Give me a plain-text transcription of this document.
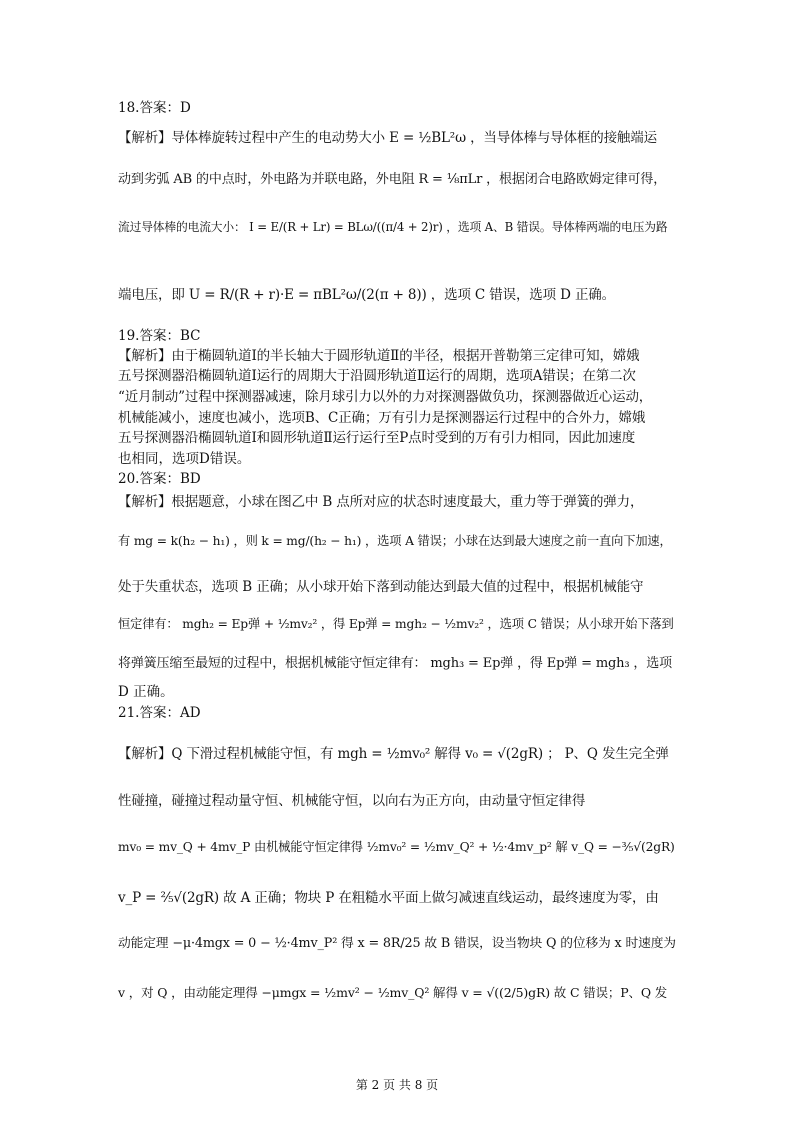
18.答案：D
【解析】导体棒旋转过程中产生的电动势大小 E = ½BL²ω ，当导体棒与导体框的接触端运
动到劣弧 AB 的中点时，外电路为并联电路，外电阻 R = ⅛πLr ，根据闭合电路欧姆定律可得，
流过导体棒的电流大小： I = E/(R + Lr) = BLω/((π/4 + 2)r) ，选项 A、B 错误。导体棒两端的电压为路
端电压，即 U = R/(R + r)·E = πBL²ω/(2(π + 8)) ，选项 C 错误，选项 D 正确。
19.答案：BC
【解析】由于椭圆轨道Ⅰ的半长轴大于圆形轨道Ⅱ的半径，根据开普勒第三定律可知，嫦娥
五号探测器沿椭圆轨道Ⅰ运行的周期大于沿圆形轨道Ⅱ运行的周期，选项A错误；在第二次
“近月制动”过程中探测器减速，除月球引力以外的力对探测器做负功，探测器做近心运动，
机械能减小，速度也减小，选项B、C正确；万有引力是探测器运行过程中的合外力，嫦娥
五号探测器沿椭圆轨道Ⅰ和圆形轨道Ⅱ运行运行至P点时受到的万有引力相同，因此加速度
也相同，选项D错误。
20.答案：BD
【解析】根据题意，小球在图乙中 B 点所对应的状态时速度最大，重力等于弹簧的弹力，
有 mg = k(h₂ − h₁) ，则 k = mg/(h₂ − h₁) ，选项 A 错误；小球在达到最大速度之前一直向下加速，
处于失重状态，选项 B 正确；从小球开始下落到动能达到最大值的过程中，根据机械能守
恒定律有： mgh₂ = Ep弹 + ½mv₂² ，得 Ep弹 = mgh₂ − ½mv₂² ，选项 C 错误；从小球开始下落到
将弹簧压缩至最短的过程中，根据机械能守恒定律有： mgh₃ = Ep弹 ，得 Ep弹 = mgh₃ ，选项
D 正确。
21.答案：AD
【解析】Q 下滑过程机械能守恒，有 mgh = ½mv₀² 解得 v₀ = √(2gR) ； P、Q 发生完全弹
性碰撞，碰撞过程动量守恒、机械能守恒，以向右为正方向，由动量守恒定律得
mv₀ = mv_Q + 4mv_P 由机械能守恒定律得 ½mv₀² = ½mv_Q² + ½·4mv_p² 解 v_Q = −⅗√(2gR)
v_P = ⅖√(2gR) 故 A 正确；物块 P 在粗糙水平面上做匀减速直线运动，最终速度为零，由
动能定理 −μ·4mgx = 0 − ½·4mv_P² 得 x = 8R/25 故 B 错误，设当物块 Q 的位移为 x 时速度为
v ，对 Q ，由动能定理得 −μmgx = ½mv² − ½mv_Q² 解得 v = √((2/5)gR) 故 C 错误；P、Q 发
第 2 页 共 8 页
